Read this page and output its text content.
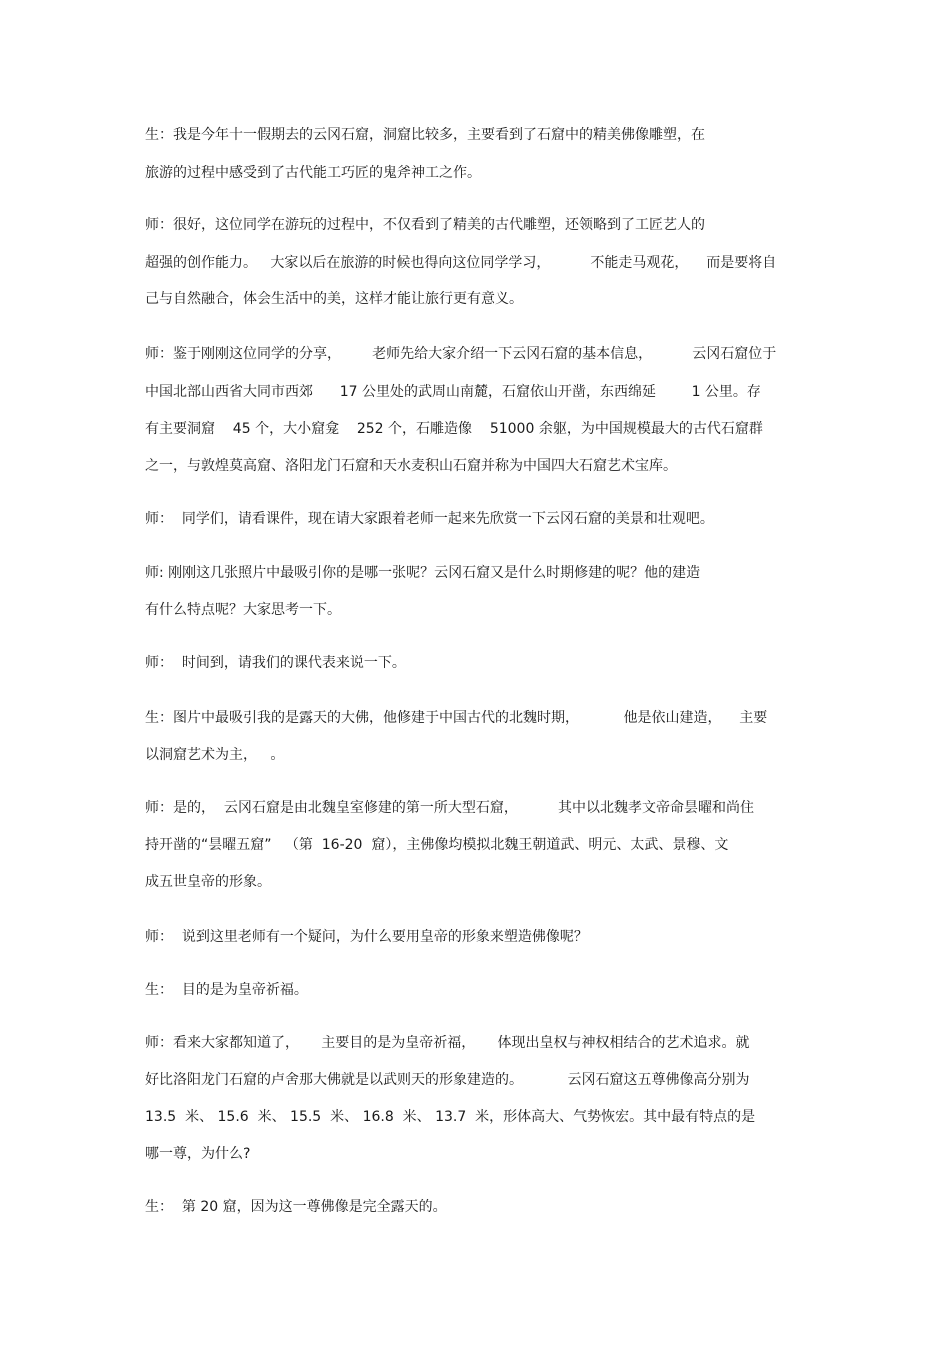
生：我是今年十一假期去的云冈石窟，洞窟比较多，主要看到了石窟中的精美佛像雕塑，在

旅游的过程中感受到了古代能工巧匠的鬼斧神工之作。

师：很好，这位同学在游玩的过程中，不仅看到了精美的古代雕塑，还领略到了工匠艺人的

超强的创作能力。   大家以后在旅游的时候也得向这位同学学习，         不能走马观花，    而是要将自

己与自然融合，体会生活中的美，这样才能让旅行更有意义。

师：鉴于刚刚这位同学的分享，       老师先给大家介绍一下云冈石窟的基本信息，         云冈石窟位于

中国北部山西省大同市西郊      17 公里处的武周山南麓，石窟依山开凿，东西绵延        1 公里。存

有主要洞窟    45 个，大小窟龛    252 个，石雕造像    51000 余躯，为中国规模最大的古代石窟群

之一，与敦煌莫高窟、洛阳龙门石窟和天水麦积山石窟并称为中国四大石窟艺术宝库。

师：  同学们，请看课件，现在请大家跟着老师一起来先欣赏一下云冈石窟的美景和壮观吧。

师: 刚刚这几张照片中最吸引你的是哪一张呢？云冈石窟又是什么时期修建的呢？他的建造

有什么特点呢？大家思考一下。

师：  时间到，请我们的课代表来说一下。

生：图片中最吸引我的是露天的大佛，他修建于中国古代的北魏时期，          他是依山建造，    主要

以洞窟艺术为主，   。

师：是的，  云冈石窟是由北魏皇室修建的第一所大型石窟，         其中以北魏孝文帝命昙曜和尚住

持开凿的“昙曜五窟”   （第  16-20  窟），主佛像均模拟北魏王朝道武、明元、太武、景穆、文

成五世皇帝的形象。

师：  说到这里老师有一个疑问，为什么要用皇帝的形象来塑造佛像呢？

生：  目的是为皇帝祈福。

师：看来大家都知道了，     主要目的是为皇帝祈福，     体现出皇权与神权相结合的艺术追求。就

好比洛阳龙门石窟的卢舍那大佛就是以武则天的形象建造的。          云冈石窟这五尊佛像高分别为

13.5  米、 15.6  米、 15.5  米、 16.8  米、 13.7  米，形体高大、气势恢宏。其中最有特点的是

哪一尊，为什么?

生：  第 20 窟，因为这一尊佛像是完全露天的。
